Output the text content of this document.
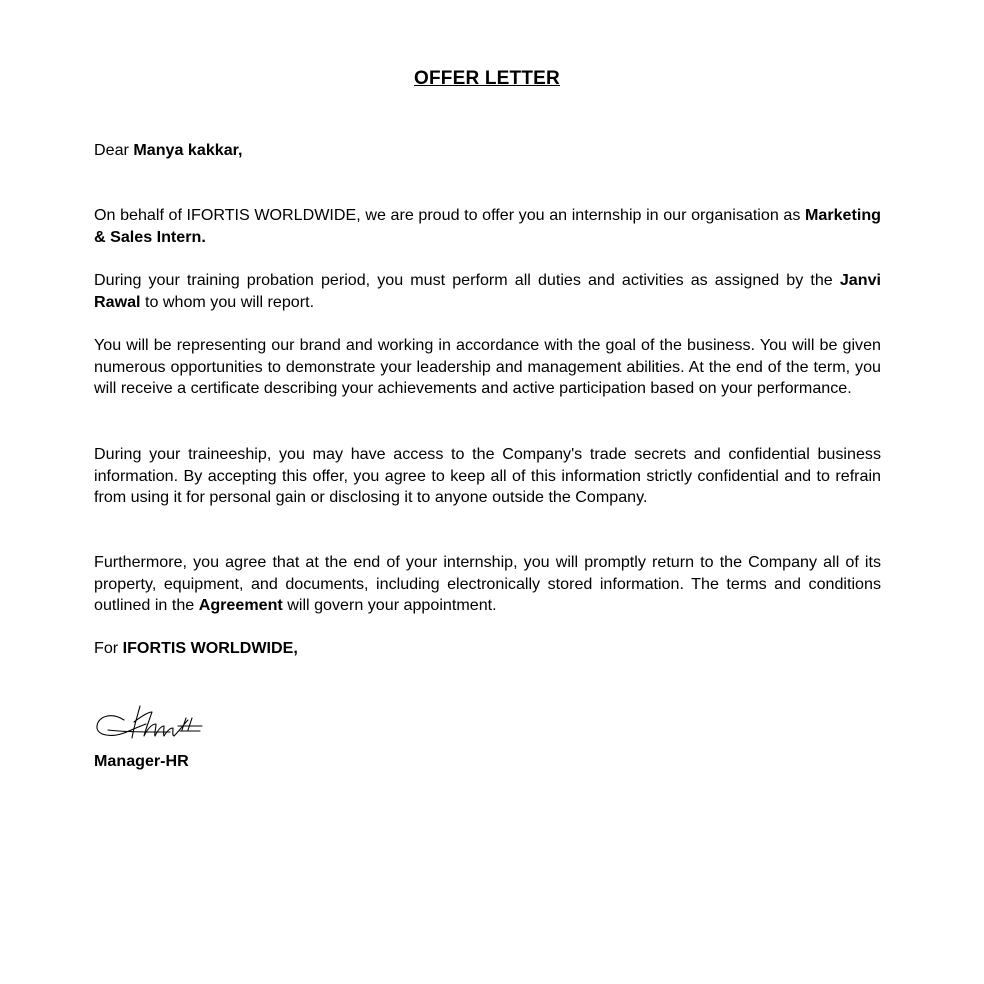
OFFER LETTER
Dear Manya kakkar,

On behalf of IFORTIS WORLDWIDE, we are proud to offer you an internship in our organisation as Marketing & Sales Intern.

During your training probation period, you must perform all duties and activities as assigned by the Janvi Rawal to whom you will report.

You will be representing our brand and working in accordance with the goal of the business. You will be given numerous opportunities to demonstrate your leadership and management abilities. At the end of the term, you will receive a certificate describing your achievements and active participation based on your performance.

During your traineeship, you may have access to the Company's trade secrets and confidential business information. By accepting this offer, you agree to keep all of this information strictly confidential and to refrain from using it for personal gain or disclosing it to anyone outside the Company.

Furthermore, you agree that at the end of your internship, you will promptly return to the Company all of its property, equipment, and documents, including electronically stored information. The terms and conditions outlined in the Agreement will govern your appointment.

For IFORTIS WORLDWIDE,
Manager-HR
